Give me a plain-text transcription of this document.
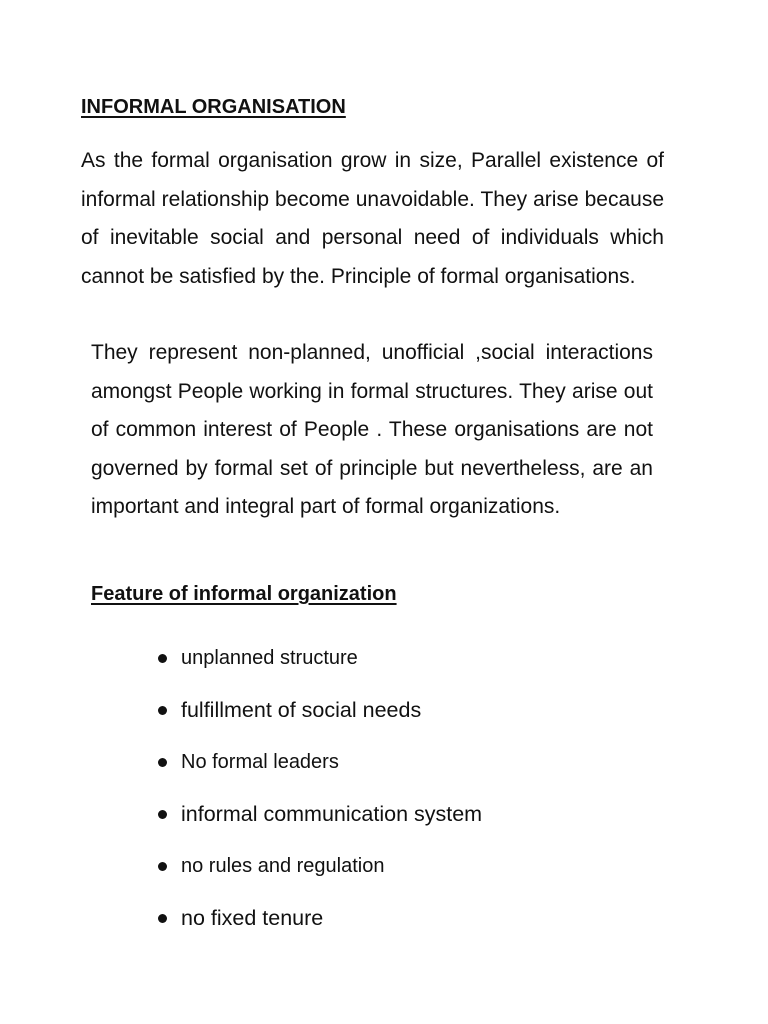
INFORMAL ORGANISATION

As the formal organisation grow in size, Parallel existence of informal relationship become unavoidable. They arise because of inevitable social and personal need of individuals which cannot be satisfied by the. Principle of formal organisations.

They represent non-planned, unofficial ,social interactions amongst People working in formal structures. They arise out of common interest of People . These organisations are not governed by formal set of principle but nevertheless, are an important and integral part of formal organizations.

Feature of informal organization
unplanned structure
fulfillment of social needs
No formal leaders
informal communication system
no rules and regulation
no fixed tenure
